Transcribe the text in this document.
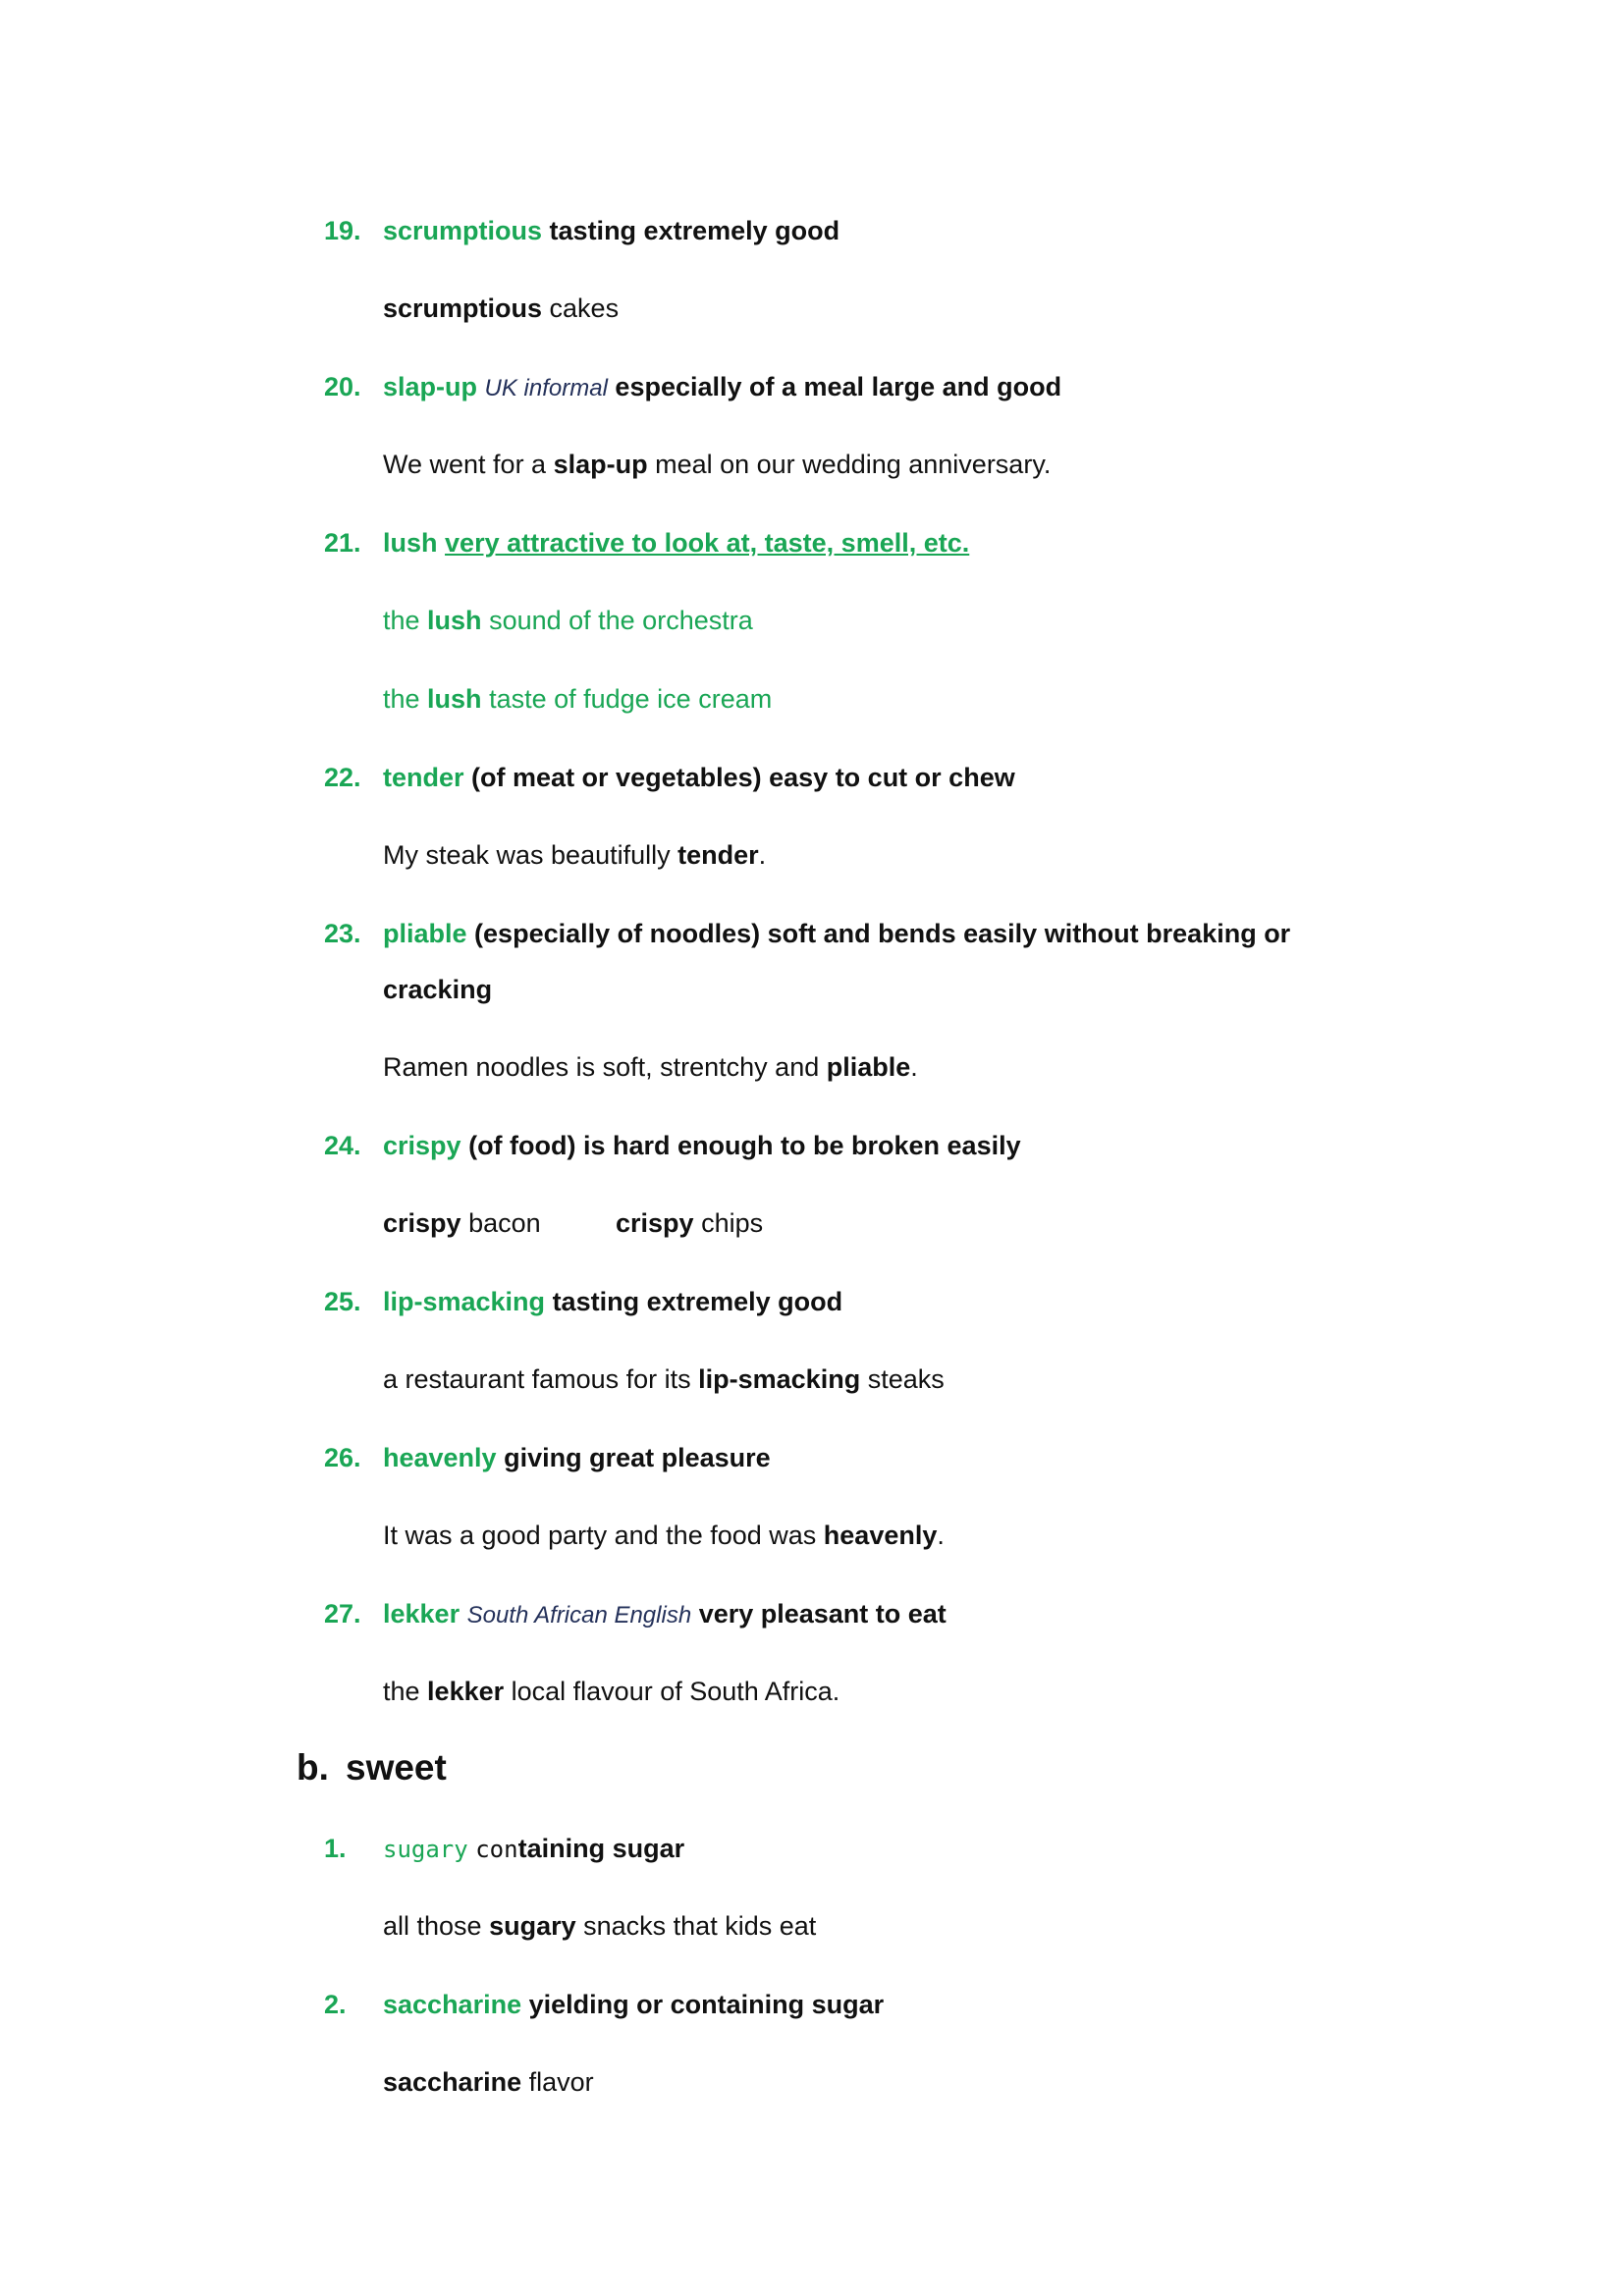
19. scrumptious tasting extremely good
scrumptious cakes
20. slap-up UK informal especially of a meal large and good
We went for a slap-up meal on our wedding anniversary.
21. lush very attractive to look at, taste, smell, etc.
the lush sound of the orchestra
the lush taste of fudge ice cream
22. tender (of meat or vegetables) easy to cut or chew
My steak was beautifully tender.
23. pliable (especially of noodles) soft and bends easily without breaking or
cracking
Ramen noodles is soft, strentchy and pliable.
24. crispy (of food) is hard enough to be broken easily
crispy bacon	crispy chips
25. lip-smacking tasting extremely good
a restaurant famous for its lip-smacking steaks
26. heavenly giving great pleasure
It was a good party and the food was heavenly.
27. lekker South African English very pleasant to eat
the lekker local flavour of South Africa.
b. sweet
1. sugary containing sugar
all those sugary snacks that kids eat
2. saccharine yielding or containing sugar
saccharine flavor
